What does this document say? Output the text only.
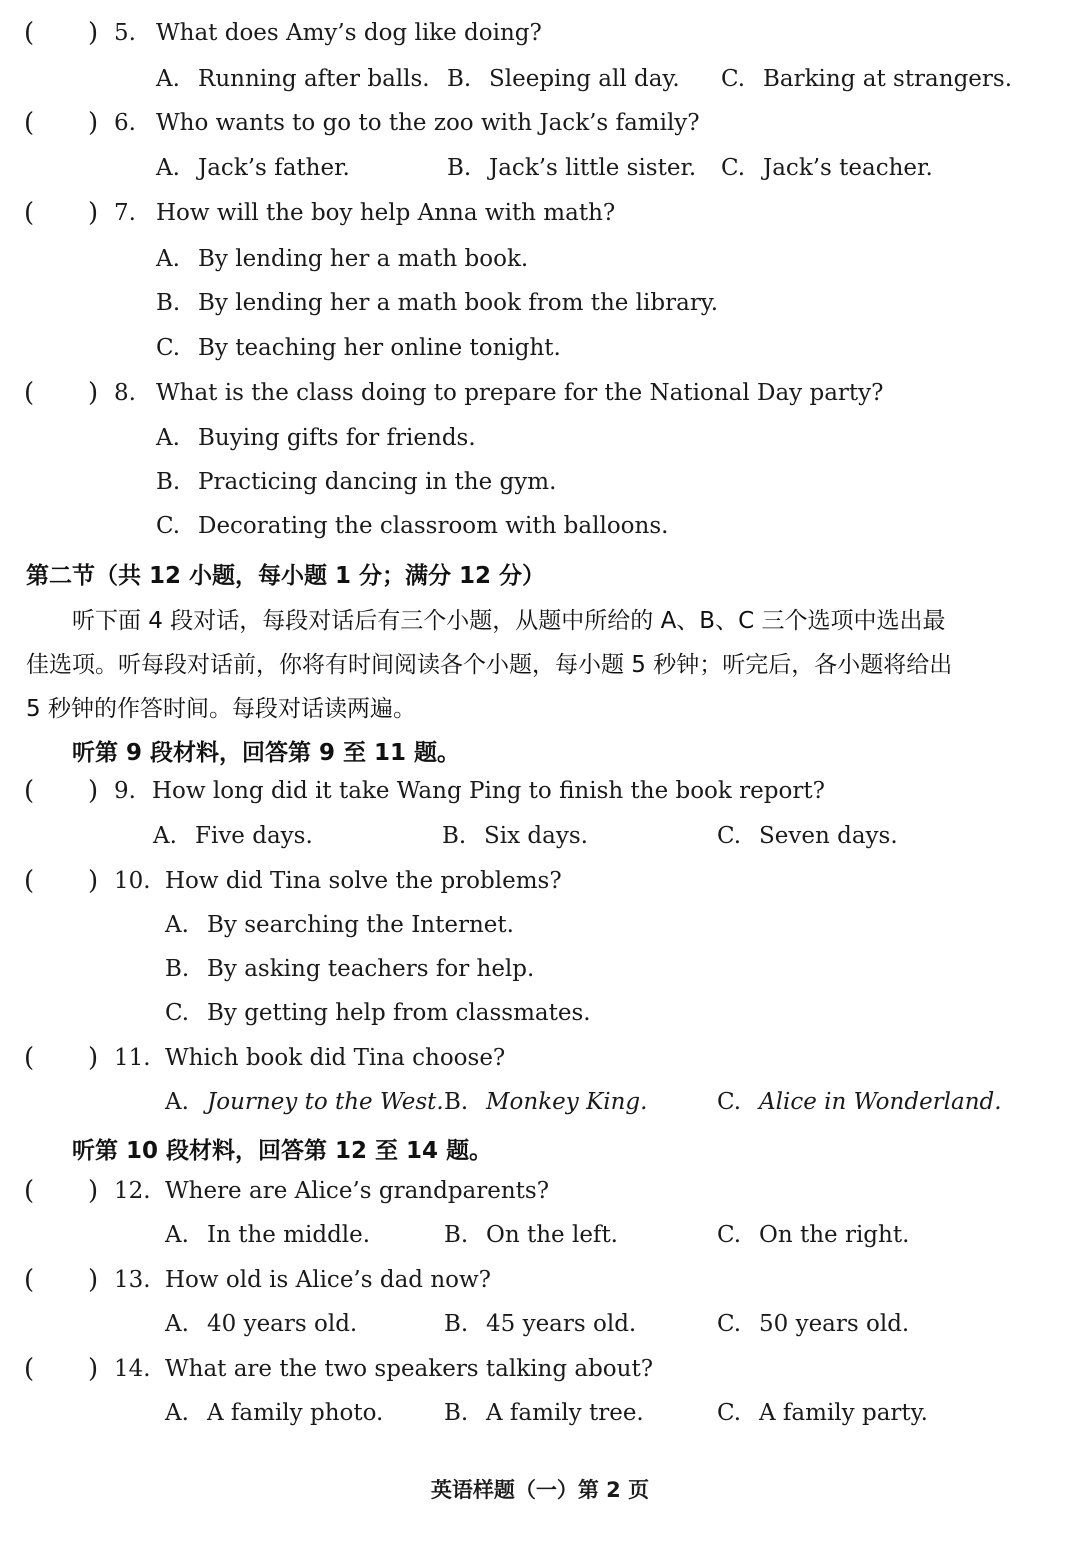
( ) 5. What does Amy’s dog like doing?
A. Running after balls. B. Sleeping all day. C. Barking at strangers.
( ) 6. Who wants to go to the zoo with Jack’s family?
A. Jack’s father.	B. Jack’s little sister. C. Jack’s teacher.
( ) 7. How will the boy help Anna with math?
A. By lending her a math book.
B. By lending her a math book from the library.
C. By teaching her online tonight.
( ) 8. What is the class doing to prepare for the National Day party?
A. Buying gifts for friends.
B. Practicing dancing in the gym.
C. Decorating the classroom with balloons.
第二节（共 12 小题，每小题 1 分；满分 12 分）
听下面 4 段对话，每段对话后有三个小题，从题中所给的 A、B、C 三个选项中选出最
佳选项。听每段对话前，你将有时间阅读各个小题，每小题 5 秒钟；听完后，各小题将给出
5 秒钟的作答时间。每段对话读两遍。
听第 9 段材料，回答第 9 至 11 题。
( ) 9. How long did it take Wang Ping to finish the book report?
A. Five days.	B. Six days.	C. Seven days.
( ) 10. How did Tina solve the problems?
A. By searching the Internet.
B. By asking teachers for help.
C. By getting help from classmates.
( ) 11. Which book did Tina choose?
A. Journey to the West. B. Monkey King.	C. Alice in Wonderland.
听第 10 段材料，回答第 12 至 14 题。
( ) 12. Where are Alice’s grandparents?
A. In the middle.	B. On the left.	C. On the right.
( ) 13. How old is Alice’s dad now?
A. 40 years old.	B. 45 years old.	C. 50 years old.
( ) 14. What are the two speakers talking about?
A. A family photo.	B. A family tree.	C. A family party.
英语样题（一）第 2 页
